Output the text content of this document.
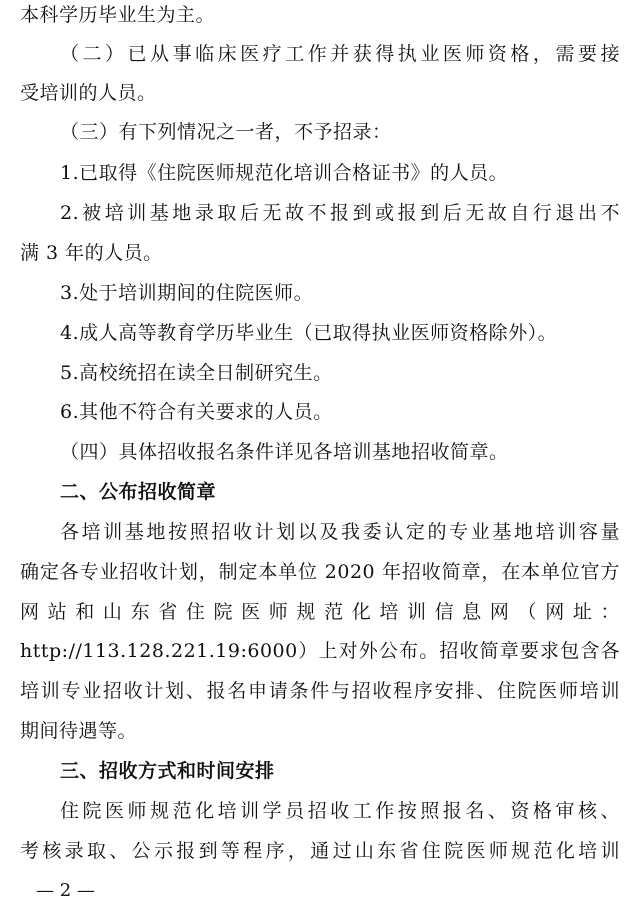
本科学历毕业生为主。
（二）已从事临床医疗工作并获得执业医师资格，需要接
受培训的人员。
（三）有下列情况之一者，不予招录：
1.已取得《住院医师规范化培训合格证书》的人员。
2.被培训基地录取后无故不报到或报到后无故自行退出不
满 3 年的人员。
3.处于培训期间的住院医师。
4.成人高等教育学历毕业生（已取得执业医师资格除外）。
5.高校统招在读全日制研究生。
6.其他不符合有关要求的人员。
（四）具体招收报名条件详见各培训基地招收简章。
二、公布招收简章
各培训基地按照招收计划以及我委认定的专业基地培训容量
确定各专业招收计划，制定本单位 2020 年招收简章，在本单位官方
网站和山东省住院医师规范化培训信息网（网址：
http://113.128.221.19:6000）上对外公布。招收简章要求包含各
培训专业招收计划、报名申请条件与招收程序安排、住院医师培训
期间待遇等。
三、招收方式和时间安排
住院医师规范化培训学员招收工作按照报名、资格审核、
考核录取、公示报到等程序，通过山东省住院医师规范化培训
— 2 —
